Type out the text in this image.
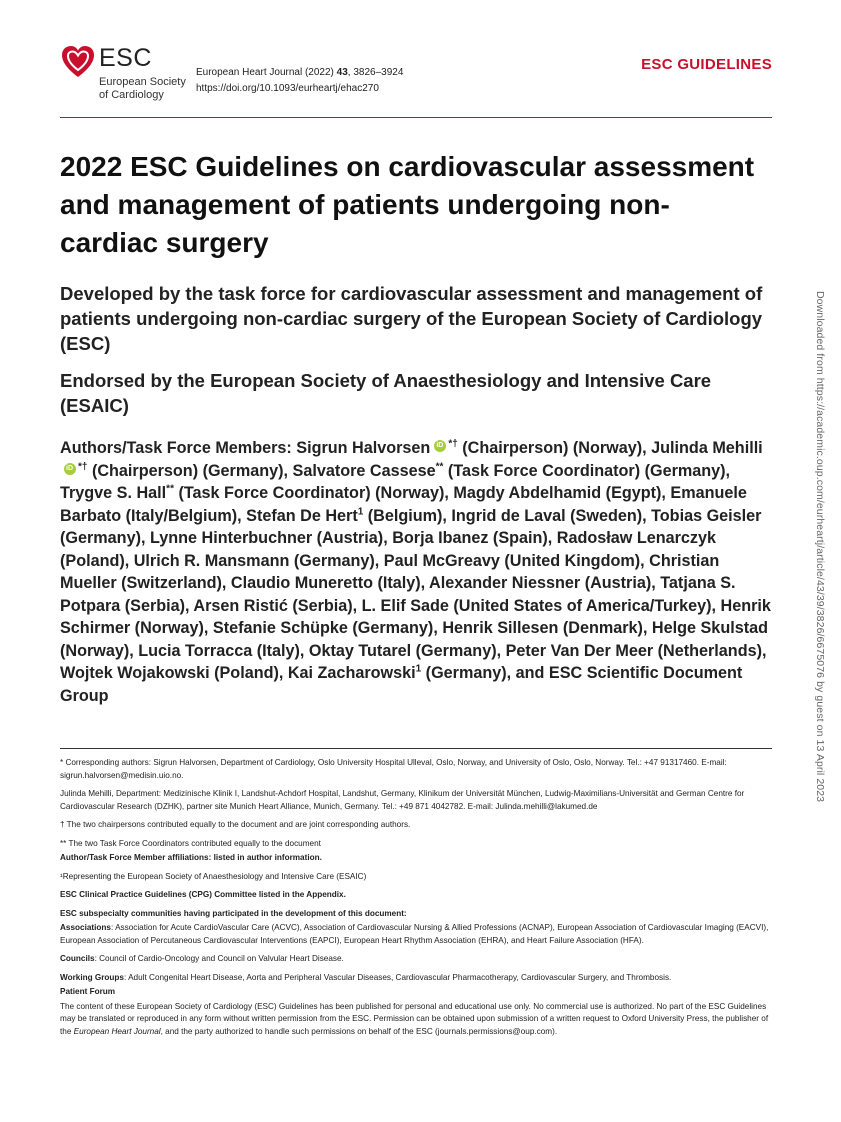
ESC
European Society
of Cardiology
European Heart Journal (2022) 43, 3826–3924
https://doi.org/10.1093/eurheartj/ehac270
ESC GUIDELINES
2022 ESC Guidelines on cardiovascular assessment and management of patients undergoing non-cardiac surgery
Developed by the task force for cardiovascular assessment and management of patients undergoing non-cardiac surgery of the European Society of Cardiology (ESC)
Endorsed by the European Society of Anaesthesiology and Intensive Care (ESAIC)
Authors/Task Force Members: Sigrun HalvorseniD *† (Chairperson) (Norway), Julinda MehilliiD*† (Chairperson) (Germany), Salvatore Cassese** (Task Force Coordinator) (Germany), Trygve S. Hall** (Task Force Coordinator) (Norway), Magdy Abdelhamid (Egypt), Emanuele Barbato (Italy/Belgium), Stefan De Hert$^1$ (Belgium), Ingrid de Laval (Sweden), Tobias Geisler (Germany), Lynne Hinterbuchner (Austria), Borja Ibanez (Spain), Radosław Lenarczyk (Poland), Ulrich R. Mansmann (Germany), Paul McGreavy (United Kingdom), Christian Mueller (Switzerland), Claudio Muneretto (Italy), Alexander Niessner (Austria), Tatjana S. Potpara (Serbia), Arsen Ristić (Serbia), L. Elif Sade (United States of America/Turkey), Henrik Schirmer (Norway), Stefanie Schüpke (Germany), Henrik Sillesen (Denmark), Helge Skulstad (Norway), Lucia Torracca (Italy), Oktay Tutarel (Germany), Peter Van Der Meer (Netherlands), Wojtek Wojakowski (Poland), Kai Zacharowski$^1$ (Germany), and ESC Scientific Document Group	Downloaded from https://academic.oup.com/eurheartj/article/43/39/3826/6675076 by guest on 13 April 2023

* Corresponding authors: Sigrun Halvorsen, Department of Cardiology, Oslo University Hospital Ulleval, Oslo, Norway, and University of Oslo, Oslo, Norway. Tel.: +47 91317460. E-mail: sigrun.halvorsen@medisin.uio.no.

Julinda Mehilli, Department: Medizinische Klinik I, Landshut-Achdorf Hospital, Landshut, Germany, Klinikum der Universität München, Ludwig-Maximilians-Universität and German Centre for Cardiovascular Research (DZHK), partner site Munich Heart Alliance, Munich, Germany. Tel.: +49 871 4042782. E-mail: Julinda.mehilli@lakumed.de

† The two chairpersons contributed equally to the document and are joint corresponding authors.

** The two Task Force Coordinators contributed equally to the document

Author/Task Force Member affiliations: listed in author information.

¹Representing the European Society of Anaesthesiology and Intensive Care (ESAIC)

ESC Clinical Practice Guidelines (CPG) Committee listed in the Appendix.

ESC subspecialty communities having participated in the development of this document:

Associations: Association for Acute CardioVascular Care (ACVC), Association of Cardiovascular Nursing & Allied Professions (ACNAP), European Association of Cardiovascular Imaging (EACVI), European Association of Percutaneous Cardiovascular Interventions (EAPCI), European Heart Rhythm Association (EHRA), and Heart Failure Association (HFA).

Councils: Council of Cardio-Oncology and Council on Valvular Heart Disease.

Working Groups: Adult Congenital Heart Disease, Aorta and Peripheral Vascular Diseases, Cardiovascular Pharmacotherapy, Cardiovascular Surgery, and Thrombosis.

Patient Forum

The content of these European Society of Cardiology (ESC) Guidelines has been published for personal and educational use only. No commercial use is authorized. No part of the ESC Guidelines may be translated or reproduced in any form without written permission from the ESC. Permission can be obtained upon submission of a written request to Oxford University Press, the publisher of the European Heart Journal, and the party authorized to handle such permissions on behalf of the ESC (journals.permissions@oup.com).
